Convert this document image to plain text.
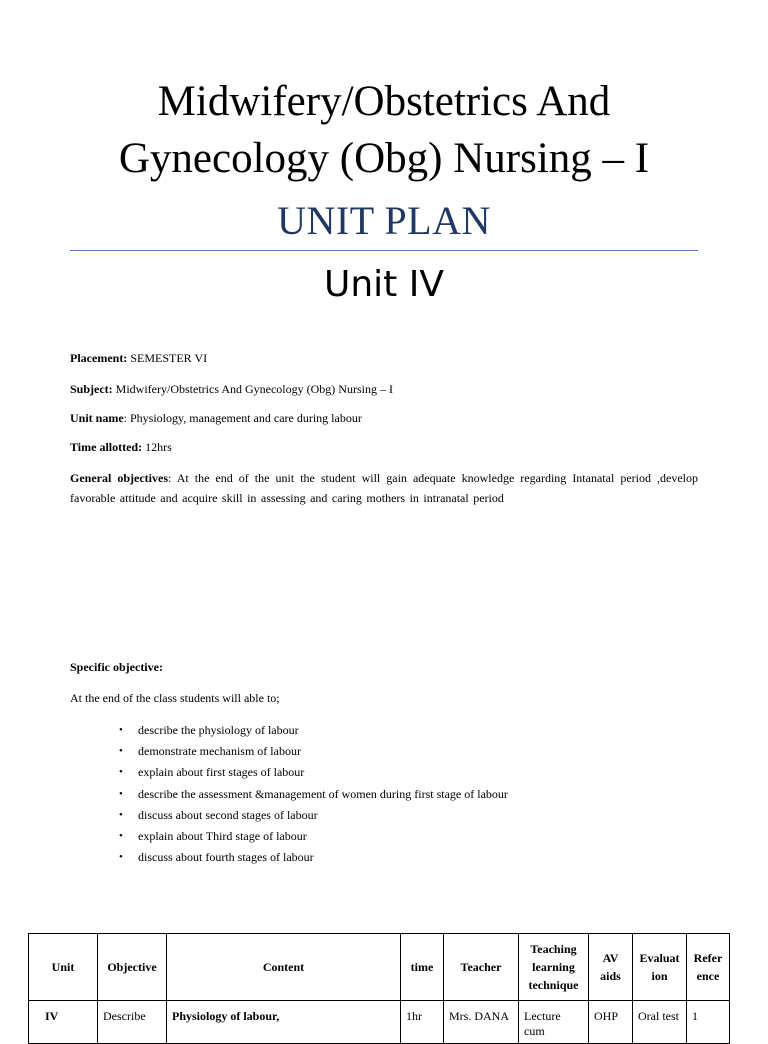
Midwifery/Obstetrics And
Gynecology (Obg) Nursing – I
UNIT PLAN
Unit IV
Placement: SEMESTER VI
Subject: Midwifery/Obstetrics And Gynecology (Obg) Nursing – I
Unit name: Physiology, management and care during labour
Time allotted: 12hrs
General objectives: At the end of the unit the student will gain adequate knowledge regarding Intanatal period ,develop favorable attitude and acquire skill in assessing and caring mothers in intranatal period
Specific objective:
At the end of the class students will able to;
• describe the physiology of labour
• demonstrate mechanism of labour
• explain about first stages of labour
• describe the assessment &management of women during first stage of labour
• discuss about second stages of labour
• explain about Third stage of labour
• discuss about fourth stages of labour
Unit	Objective	Content	time	Teacher	Teaching learning technique	AV aids	Evaluation	Reference
IV	Describe	Physiology of labour,	1hr	Mrs. DANA	Lecture cum	OHP	Oral test	1
